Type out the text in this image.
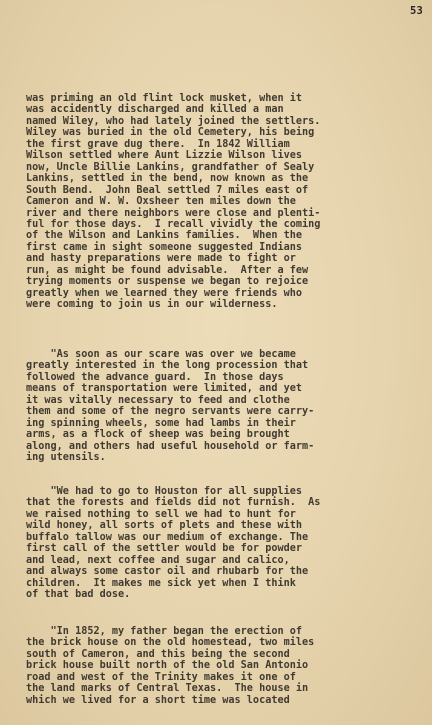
53
was priming an old flint lock musket, when it
was accidently discharged and killed a man
named Wiley, who had lately joined the settlers.
Wiley was buried in the old Cemetery, his being
the first grave dug there.  In 1842 William
Wilson settled where Aunt Lizzie Wilson lives
now, Uncle Billie Lankins, grandfather of Sealy
Lankins, settled in the bend, now known as the
South Bend.  John Beal settled 7 miles east of
Cameron and W. W. Oxsheer ten miles down the
river and there neighbors were close and plenti-
ful for those days.  I recall vividly the coming
of the Wilson and Lankins families.  When the
first came in sight someone suggested Indians
and hasty preparations were made to fight or
run, as might be found advisable.  After a few
trying moments or suspense we began to rejoice
greatly when we learned they were friends who
were coming to join us in our wilderness.
"As soon as our scare was over we became
greatly interested in the long procession that
followed the advance guard.  In those days
means of transportation were limited, and yet
it was vitally necessary to feed and clothe
them and some of the negro servants were carry-
ing spinning wheels, some had lambs in their
arms, as a flock of sheep was being brought
along, and others had useful household or farm-
ing utensils.
"We had to go to Houston for all supplies
that the forests and fields did not furnish.  As
we raised nothing to sell we had to hunt for
wild honey, all sorts of plets and these with
buffalo tallow was our medium of exchange. The
first call of the settler would be for powder
and lead, next coffee and sugar and calico,
and always some castor oil and rhubarb for the
children.  It makes me sick yet when I think
of that bad dose.
"In 1852, my father began the erection of
the brick house on the old homestead, two miles
south of Cameron, and this being the second
brick house built north of the old San Antonio
road and west of the Trinity makes it one of
the land marks of Central Texas.  The house in
which we lived for a short time was located
